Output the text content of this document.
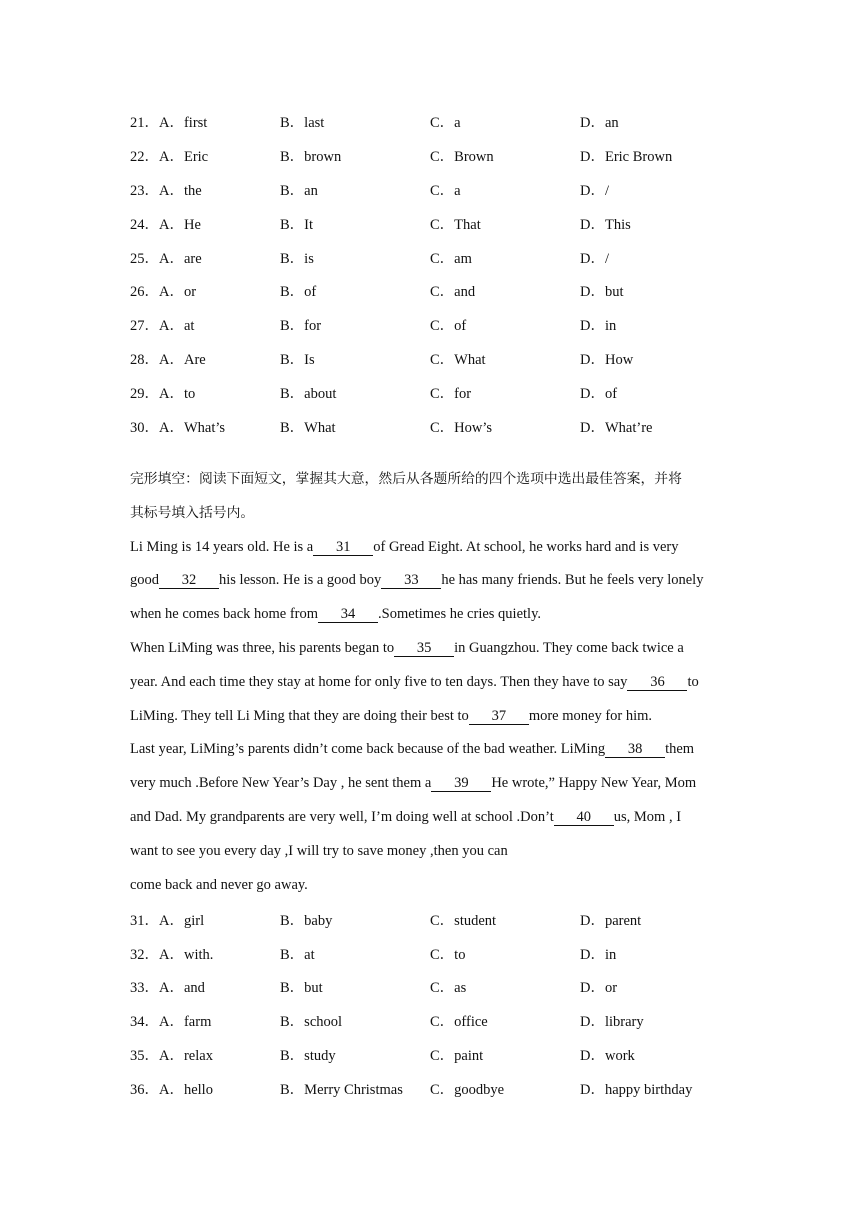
21．A．first	B．last	C．a	D．an
22．A．Eric	B．brown	C．Brown	D．Eric Brown
23．A．the	B．an	C．a	D．/
24．A．He	B．It	C．That	D．This
25．A．are	B．is	C．am	D．/
26．A．or	B．of	C．and	D．but
27．A．at	B．for	C．of	D．in
28．A．Are	B．Is	C．What	D．How
29．A．to	B．about	C．for	D．of
30．A．What’s	B．What	C．How’s	D．What’re
完形填空：阅读下面短文，掌握其大意，然后从各题所给的四个选项中选出最佳答案，并将
其标号填入括号内。
Li Ming is 14 years old. He is a 31 of Gread Eight. At school, he works hard and is very
good 32 his lesson. He is a good boy 33 he has many friends. But he feels very lonely
when he comes back home from 34 .Sometimes he cries quietly.
When LiMing was three, his parents began to 35 in Guangzhou. They come back twice a
year. And each time they stay at home for only five to ten days. Then they have to say 36 to
LiMing. They tell Li Ming that they are doing their best to 37 more money for him.
Last year, LiMing’s parents didn’t come back because of the bad weather. LiMing 38 them
very much .Before New Year’s Day , he sent them a 39 He wrote,” Happy New Year, Mom
and Dad. My grandparents are very well, I’m doing well at school .Don’t 40 us, Mom , I
want to see you every day ,I will try to save money ,then you can
come back and never go away.
31．A．girl	B．baby	C．student	D．parent
32．A．with.	B．at	C．to	D．in
33．A．and	B．but	C．as	D．or
34．A．farm	B．school	C．office	D．library
35．A．relax	B．study	C．paint	D．work
36．A．hello	B．Merry Christmas	C．goodbye	D．happy birthday
